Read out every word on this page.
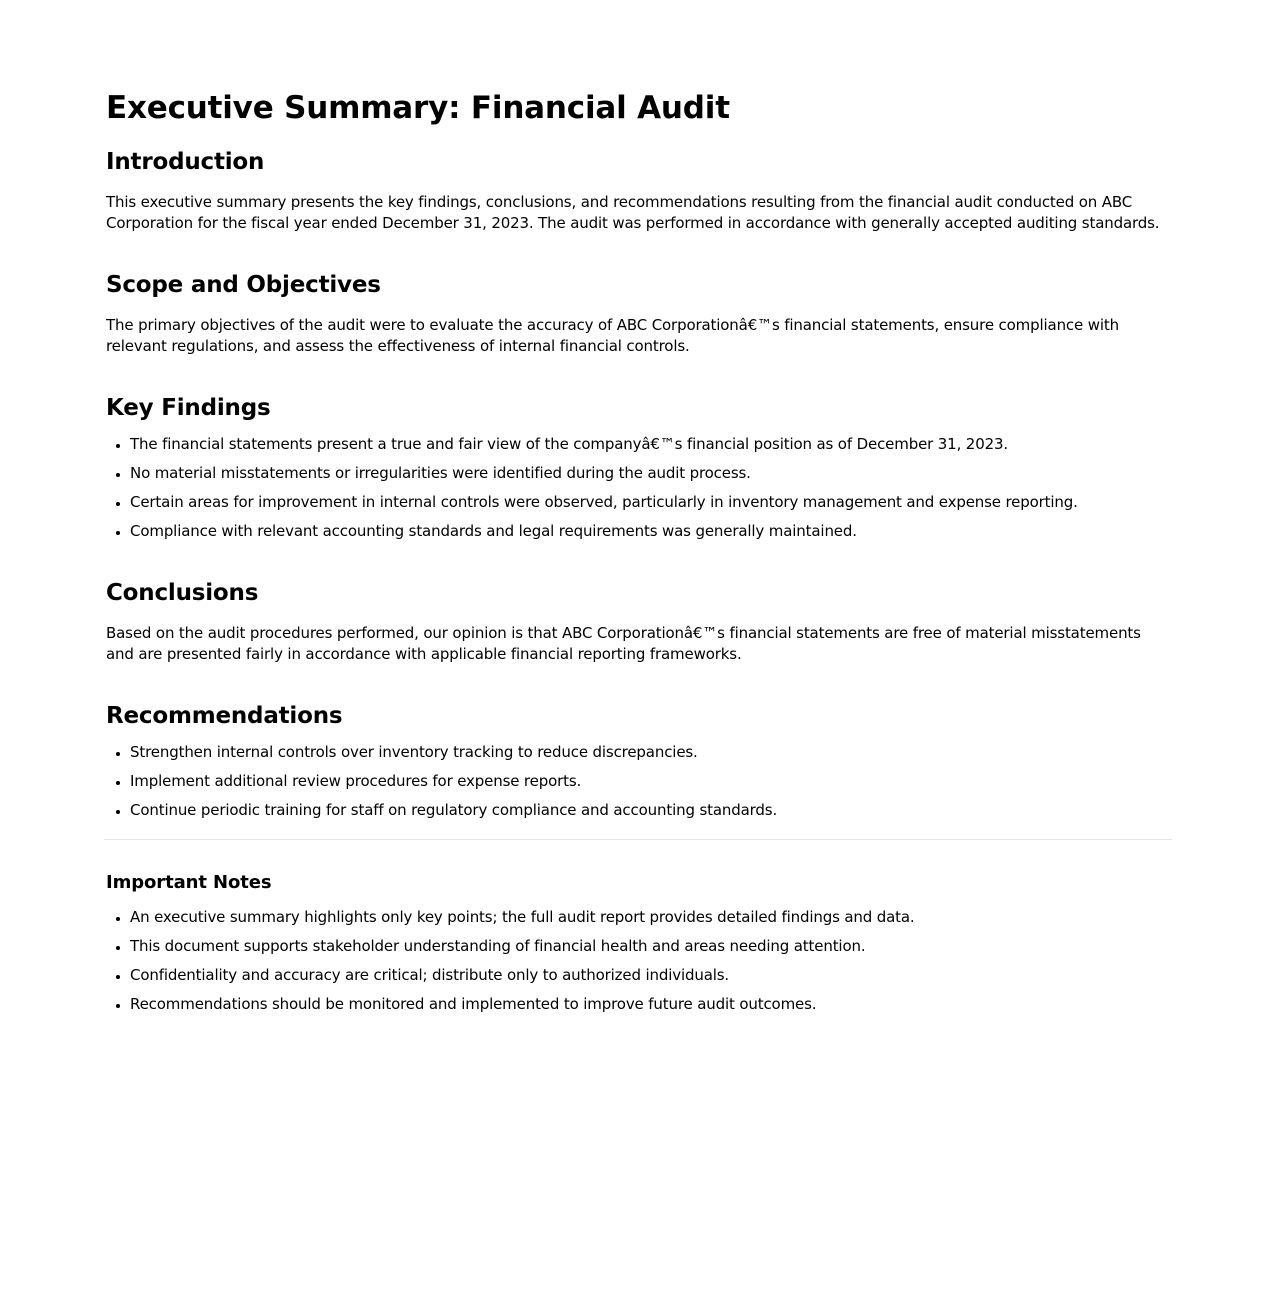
Executive Summary: Financial Audit
Introduction

This executive summary presents the key findings, conclusions, and recommendations resulting from the financial audit conducted on ABC Corporation for the fiscal year ended December 31, 2023. The audit was performed in accordance with generally accepted auditing standards.

Scope and Objectives

The primary objectives of the audit were to evaluate the accuracy of ABC Corporationâ€™s financial statements, ensure compliance with relevant regulations, and assess the effectiveness of internal financial controls.

Key Findings
• The financial statements present a true and fair view of the companyâ€™s financial position as of December 31, 2023.
• No material misstatements or irregularities were identified during the audit process.
• Certain areas for improvement in internal controls were observed, particularly in inventory management and expense reporting.
• Compliance with relevant accounting standards and legal requirements was generally maintained.
Conclusions

Based on the audit procedures performed, our opinion is that ABC Corporationâ€™s financial statements are free of material misstatements and are presented fairly in accordance with applicable financial reporting frameworks.

Recommendations
• Strengthen internal controls over inventory tracking to reduce discrepancies.
• Implement additional review procedures for expense reports.
• Continue periodic training for staff on regulatory compliance and accounting standards.
Important Notes
• An executive summary highlights only key points; the full audit report provides detailed findings and data.
• This document supports stakeholder understanding of financial health and areas needing attention.
• Confidentiality and accuracy are critical; distribute only to authorized individuals.
• Recommendations should be monitored and implemented to improve future audit outcomes.
